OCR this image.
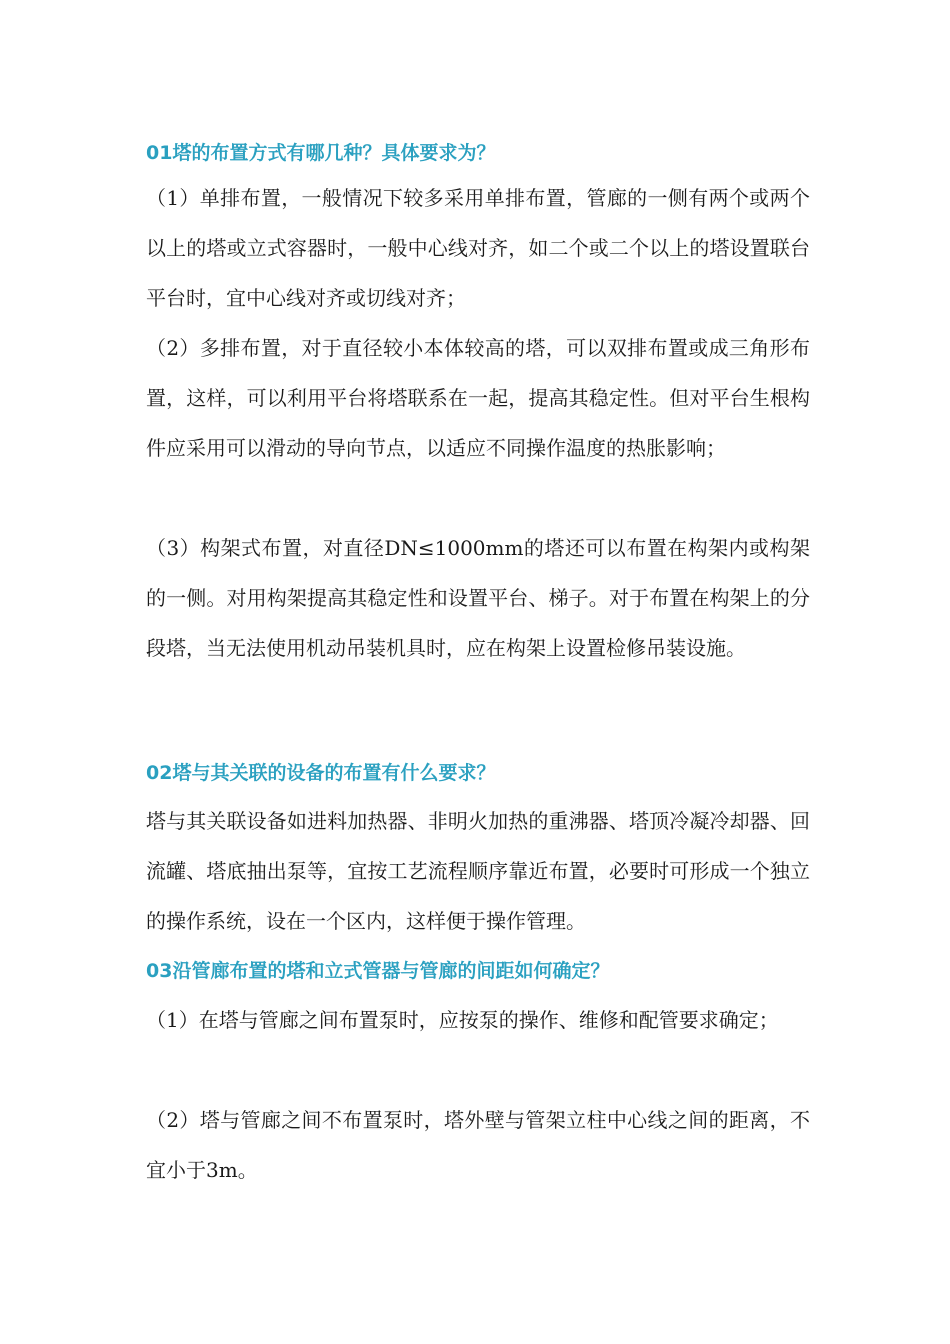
01塔的布置方式有哪几种？具体要求为？

（1）单排布置，一般情况下较多采用单排布置，管廊的一侧有两个或两个以上的塔或立式容器时，一般中心线对齐，如二个或二个以上的塔设置联台平台时，宜中心线对齐或切线对齐；

（2）多排布置，对于直径较小本体较高的塔，可以双排布置或成三角形布置，这样，可以利用平台将塔联系在一起，提高其稳定性。但对平台生根构件应采用可以滑动的导向节点，以适应不同操作温度的热胀影响；

（3）构架式布置，对直径DN≤1000mm的塔还可以布置在构架内或构架的一侧。对用构架提高其稳定性和设置平台、梯子。对于布置在构架上的分段塔，当无法使用机动吊装机具时，应在构架上设置检修吊装设施。

02塔与其关联的设备的布置有什么要求？

塔与其关联设备如进料加热器、非明火加热的重沸器、塔顶冷凝冷却器、回流罐、塔底抽出泵等，宜按工艺流程顺序靠近布置，必要时可形成一个独立的操作系统，设在一个区内，这样便于操作管理。

03沿管廊布置的塔和立式管器与管廊的间距如何确定？

（1）在塔与管廊之间布置泵时，应按泵的操作、维修和配管要求确定；

（2）塔与管廊之间不布置泵时，塔外壁与管架立柱中心线之间的距离，不宜小于3m。
